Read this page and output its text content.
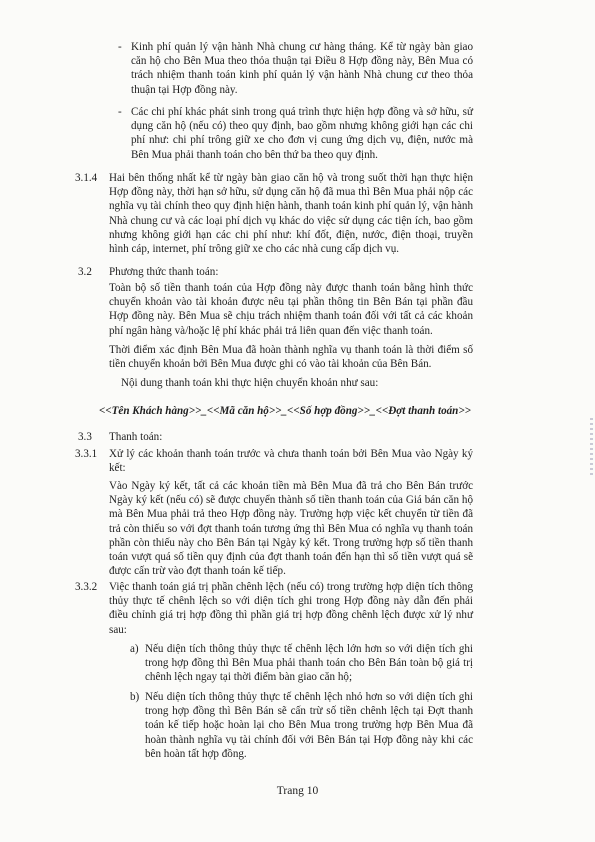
- Kinh phí quản lý vận hành Nhà chung cư hàng tháng. Kể từ ngày bàn giao căn hộ cho Bên Mua theo thỏa thuận tại Điều 8 Hợp đồng này, Bên Mua có trách nhiệm thanh toán kinh phí quản lý vận hành Nhà chung cư theo thỏa thuận tại Hợp đồng này.

- Các chi phí khác phát sinh trong quá trình thực hiện hợp đồng và sở hữu, sử dụng căn hộ (nếu có) theo quy định, bao gồm nhưng không giới hạn các chi phí như: chi phí trông giữ xe cho đơn vị cung ứng dịch vụ, điện, nước mà Bên Mua phải thanh toán cho bên thứ ba theo quy định.

3.1.4 Hai bên thống nhất kể từ ngày bàn giao căn hộ và trong suốt thời hạn thực hiện Hợp đồng này, thời hạn sở hữu, sử dụng căn hộ đã mua thì Bên Mua phải nộp các nghĩa vụ tài chính theo quy định hiện hành, thanh toán kinh phí quản lý, vận hành Nhà chung cư và các loại phí dịch vụ khác do việc sử dụng các tiện ích, bao gồm nhưng không giới hạn các chi phí như: khí đốt, điện, nước, điện thoại, truyền hình cáp, internet, phí trông giữ xe cho các nhà cung cấp dịch vụ.

3.2 Phương thức thanh toán:

Toàn bộ số tiền thanh toán của Hợp đồng này được thanh toán bằng hình thức chuyển khoản vào tài khoản được nêu tại phần thông tin Bên Bán tại phần đầu Hợp đồng này. Bên Mua sẽ chịu trách nhiệm thanh toán đối với tất cả các khoản phí ngân hàng và/hoặc lệ phí khác phải trả liên quan đến việc thanh toán.

Thời điểm xác định Bên Mua đã hoàn thành nghĩa vụ thanh toán là thời điểm số tiền chuyển khoản bởi Bên Mua được ghi có vào tài khoản của Bên Bán.

Nội dung thanh toán khi thực hiện chuyển khoản như sau:

<<Tên Khách hàng>>_<<Mã căn hộ>>_<<Số hợp đồng>>_<<Đợt thanh toán>>

3.3 Thanh toán:

3.3.1 Xử lý các khoản thanh toán trước và chưa thanh toán bởi Bên Mua vào Ngày ký kết:

Vào Ngày ký kết, tất cả các khoản tiền mà Bên Mua đã trả cho Bên Bán trước Ngày ký kết (nếu có) sẽ được chuyển thành số tiền thanh toán của Giá bán căn hộ mà Bên Mua phải trả theo Hợp đồng này. Trường hợp việc kết chuyển từ tiền đã trả còn thiếu so với đợt thanh toán tương ứng thì Bên Mua có nghĩa vụ thanh toán phần còn thiếu này cho Bên Bán tại Ngày ký kết. Trong trường hợp số tiền thanh toán vượt quá số tiền quy định của đợt thanh toán đến hạn thì số tiền vượt quá sẽ được cấn trừ vào đợt thanh toán kế tiếp.

3.3.2 Việc thanh toán giá trị phần chênh lệch (nếu có) trong trường hợp diện tích thông thủy thực tế chênh lệch so với diện tích ghi trong Hợp đồng này dẫn đến phải điều chỉnh giá trị hợp đồng thì phần giá trị hợp đồng chênh lệch được xử lý như sau:

a) Nếu diện tích thông thủy thực tế chênh lệch lớn hơn so với diện tích ghi trong hợp đồng thì Bên Mua phải thanh toán cho Bên Bán toàn bộ giá trị chênh lệch ngay tại thời điểm bàn giao căn hộ;

b) Nếu diện tích thông thủy thực tế chênh lệch nhỏ hơn so với diện tích ghi trong hợp đồng thì Bên Bán sẽ cấn trừ số tiền chênh lệch tại Đợt thanh toán kế tiếp hoặc hoàn lại cho Bên Mua trong trường hợp Bên Mua đã hoàn thành nghĩa vụ tài chính đối với Bên Bán tại Hợp đồng này khi các bên hoàn tất hợp đồng.

Trang 10
